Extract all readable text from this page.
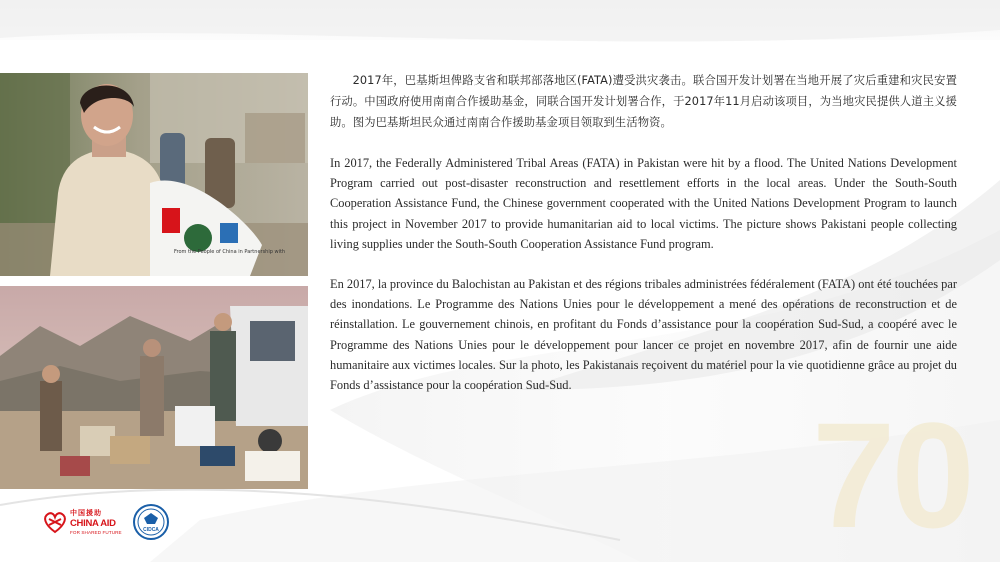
From the People of China in Partnership with

2017年，巴基斯坦俾路支省和联邦部落地区(FATA)遭受洪灾袭击。联合国开发计划署在当地开展了灾后重建和灾民安置行动。中国政府使用南南合作援助基金，同联合国开发计划署合作，于2017年11月启动该项目，为当地灾民提供人道主义援助。图为巴基斯坦民众通过南南合作援助基金项目领取到生活物资。

In 2017, the Federally Administered Tribal Areas (FATA) in Pakistan were hit by a flood. The United Nations Development Program carried out post-disaster reconstruction and resettlement efforts in the local areas. Under the South-South Cooperation Assistance Fund, the Chinese government cooperated with the United Nations Development Program to launch this project in November 2017 to provide humanitarian aid to local victims. The picture shows Pakistani people collecting living supplies under the South-South Cooperation Assistance Fund program.

En 2017, la province du Balochistan au Pakistan et des régions tribales administrées fédéralement (FATA) ont été touchées par des inondations. Le Programme des Nations Unies pour le développement a mené des opérations de reconstruction et de réinstallation. Le gouvernement chinois, en profitant du Fonds d’assistance pour la coopération Sud-Sud, a coopéré avec le Programme des Nations Unies pour le développement pour lancer ce projet en novembre 2017, afin de fournir une aide humanitaire aux victimes locales. Sur la photo, les Pakistanais reçoivent du matériel pour la vie quotidienne grâce au projet du Fonds d’assistance pour la coopération Sud-Sud.

70
中国援助
CHINA AID
FOR SHARED FUTURE	CIDCA
